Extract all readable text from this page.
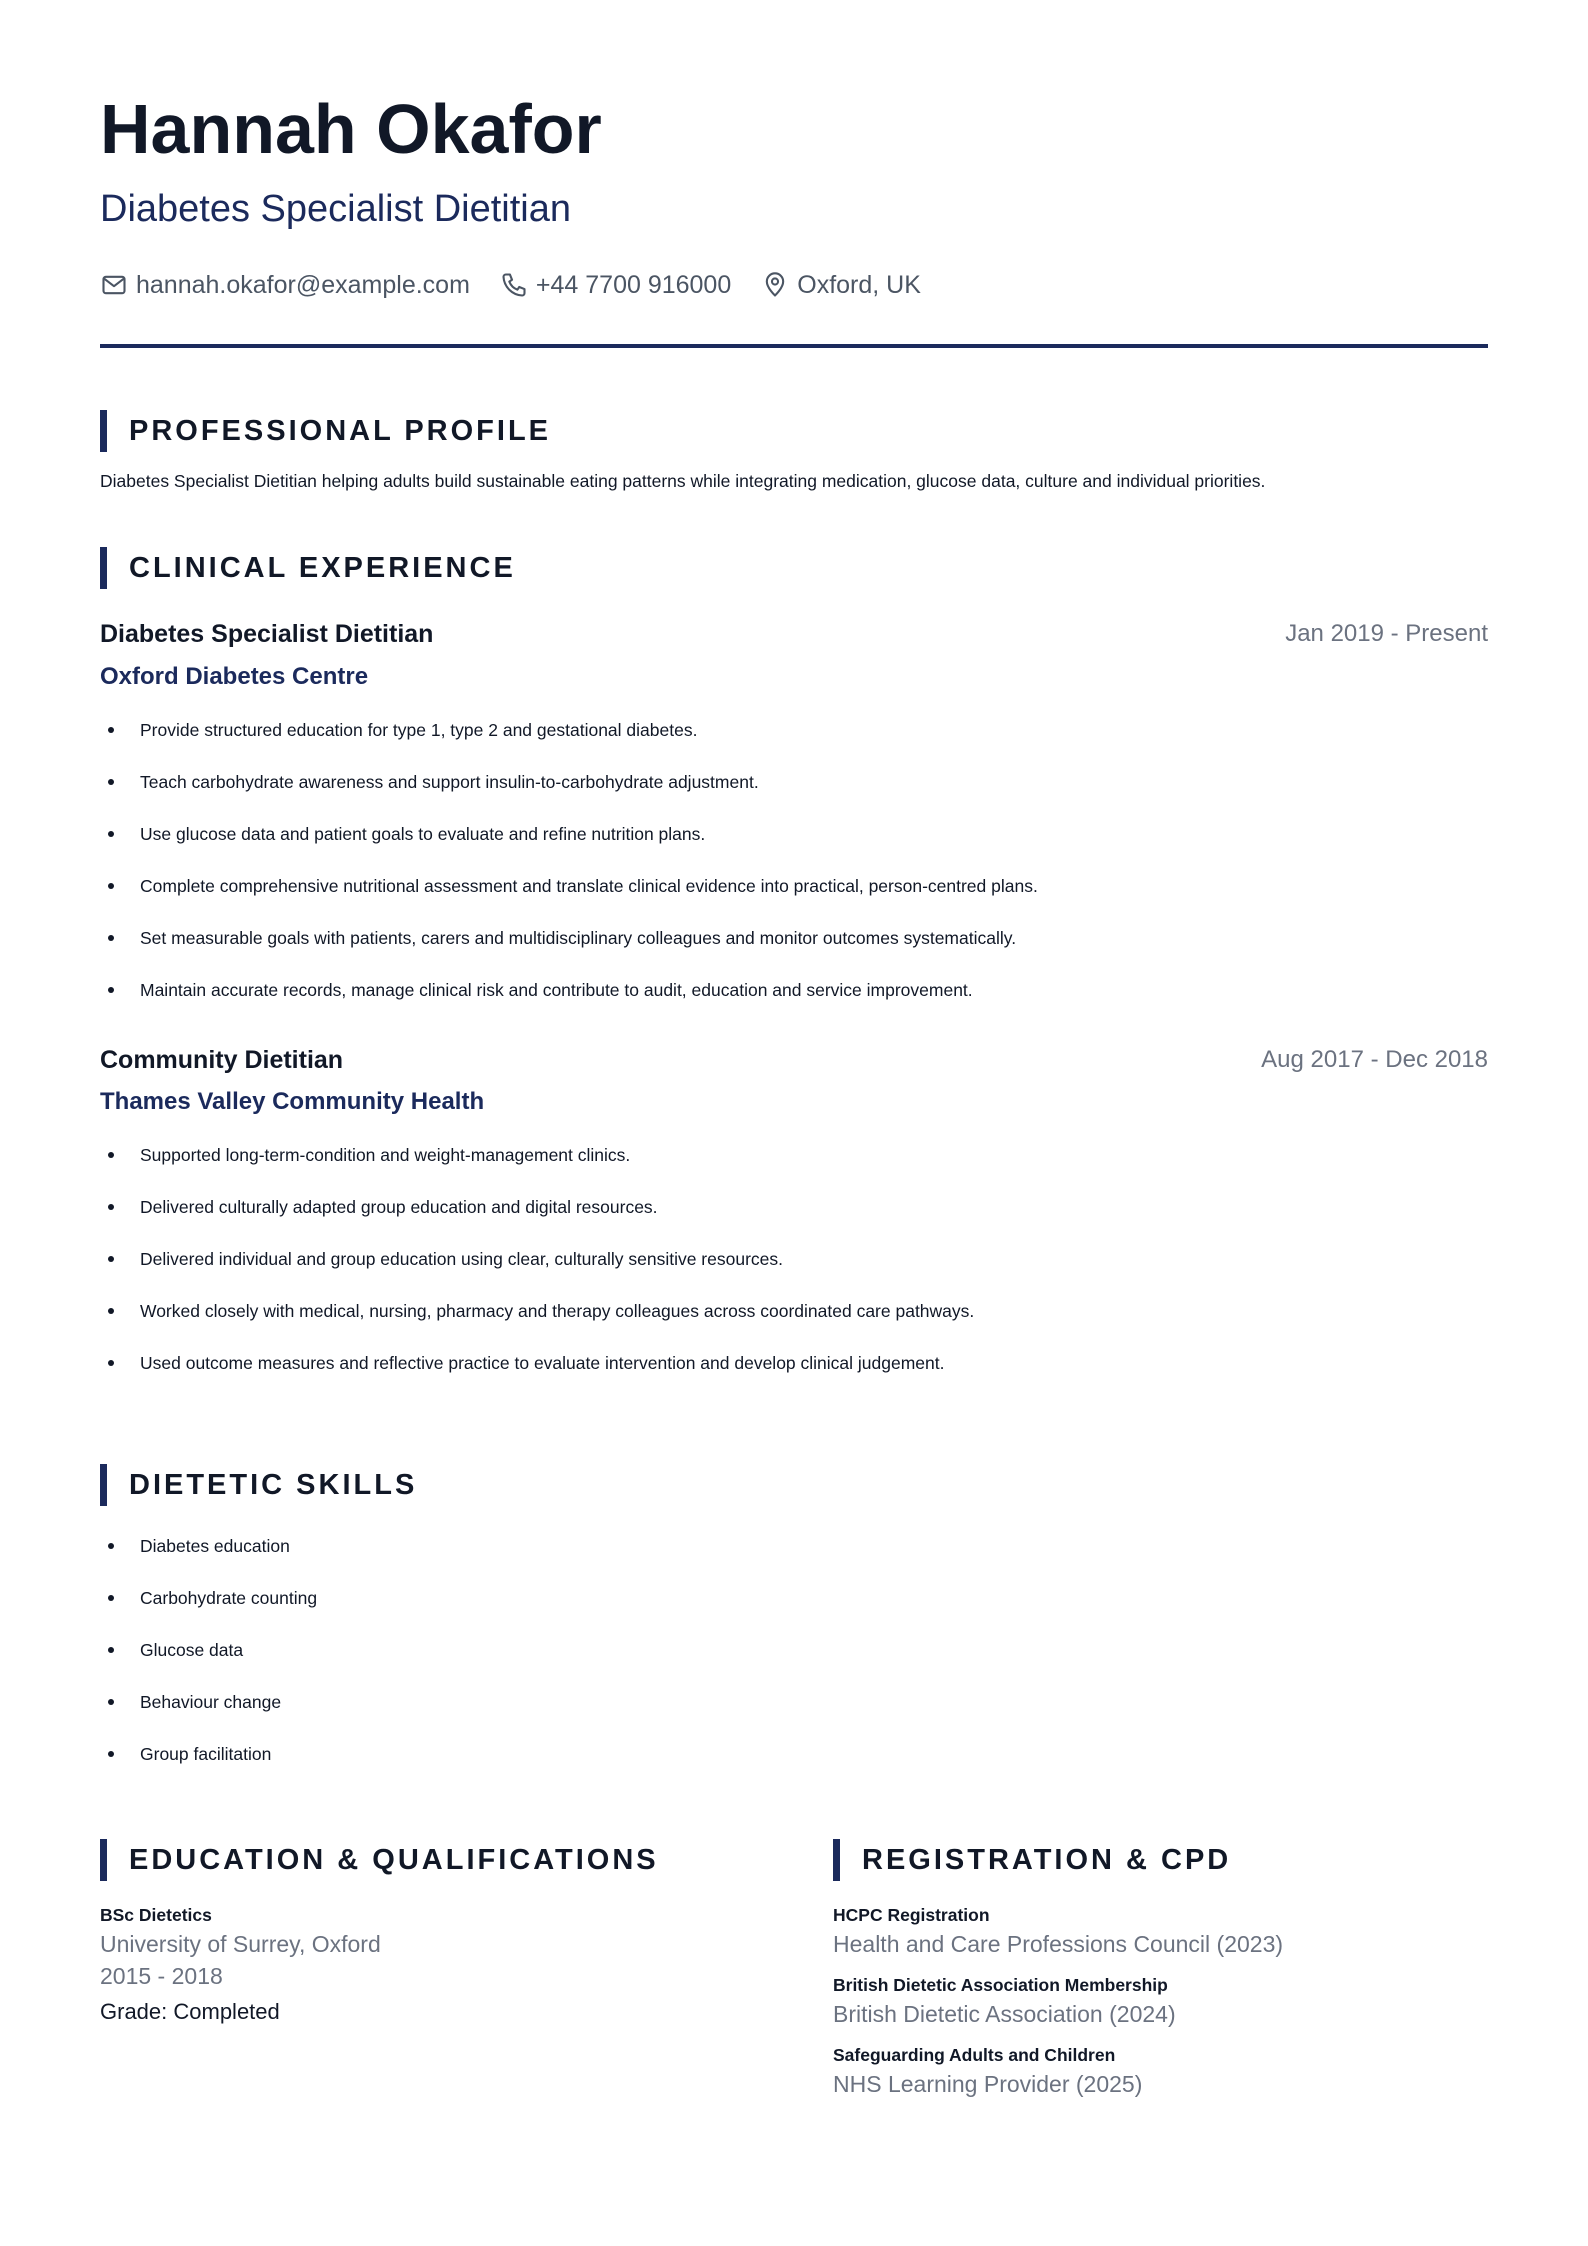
Hannah Okafor
Diabetes Specialist Dietitian
hannah.okafor@example.com	+44 7700 916000	Oxford, UK
PROFESSIONAL PROFILE

Diabetes Specialist Dietitian helping adults build sustainable eating patterns while integrating medication, glucose data, culture and individual priorities.

CLINICAL EXPERIENCE
Diabetes Specialist Dietitian	Jan 2019 - Present
Oxford Diabetes Centre
Provide structured education for type 1, type 2 and gestational diabetes.
Teach carbohydrate awareness and support insulin-to-carbohydrate adjustment.
Use glucose data and patient goals to evaluate and refine nutrition plans.
Complete comprehensive nutritional assessment and translate clinical evidence into practical, person-centred plans.
Set measurable goals with patients, carers and multidisciplinary colleagues and monitor outcomes systematically.
Maintain accurate records, manage clinical risk and contribute to audit, education and service improvement.
Community Dietitian	Aug 2017 - Dec 2018
Thames Valley Community Health
Supported long-term-condition and weight-management clinics.
Delivered culturally adapted group education and digital resources.
Delivered individual and group education using clear, culturally sensitive resources.
Worked closely with medical, nursing, pharmacy and therapy colleagues across coordinated care pathways.
Used outcome measures and reflective practice to evaluate intervention and develop clinical judgement.
DIETETIC SKILLS
Diabetes education
Carbohydrate counting
Glucose data
Behaviour change
Group facilitation
EDUCATION & QUALIFICATIONS

BSc Dietetics

University of Surrey, Oxford

2015 - 2018

Grade: Completed

REGISTRATION & CPD

HCPC Registration

Health and Care Professions Council (2023)

British Dietetic Association Membership

British Dietetic Association (2024)

Safeguarding Adults and Children

NHS Learning Provider (2025)
